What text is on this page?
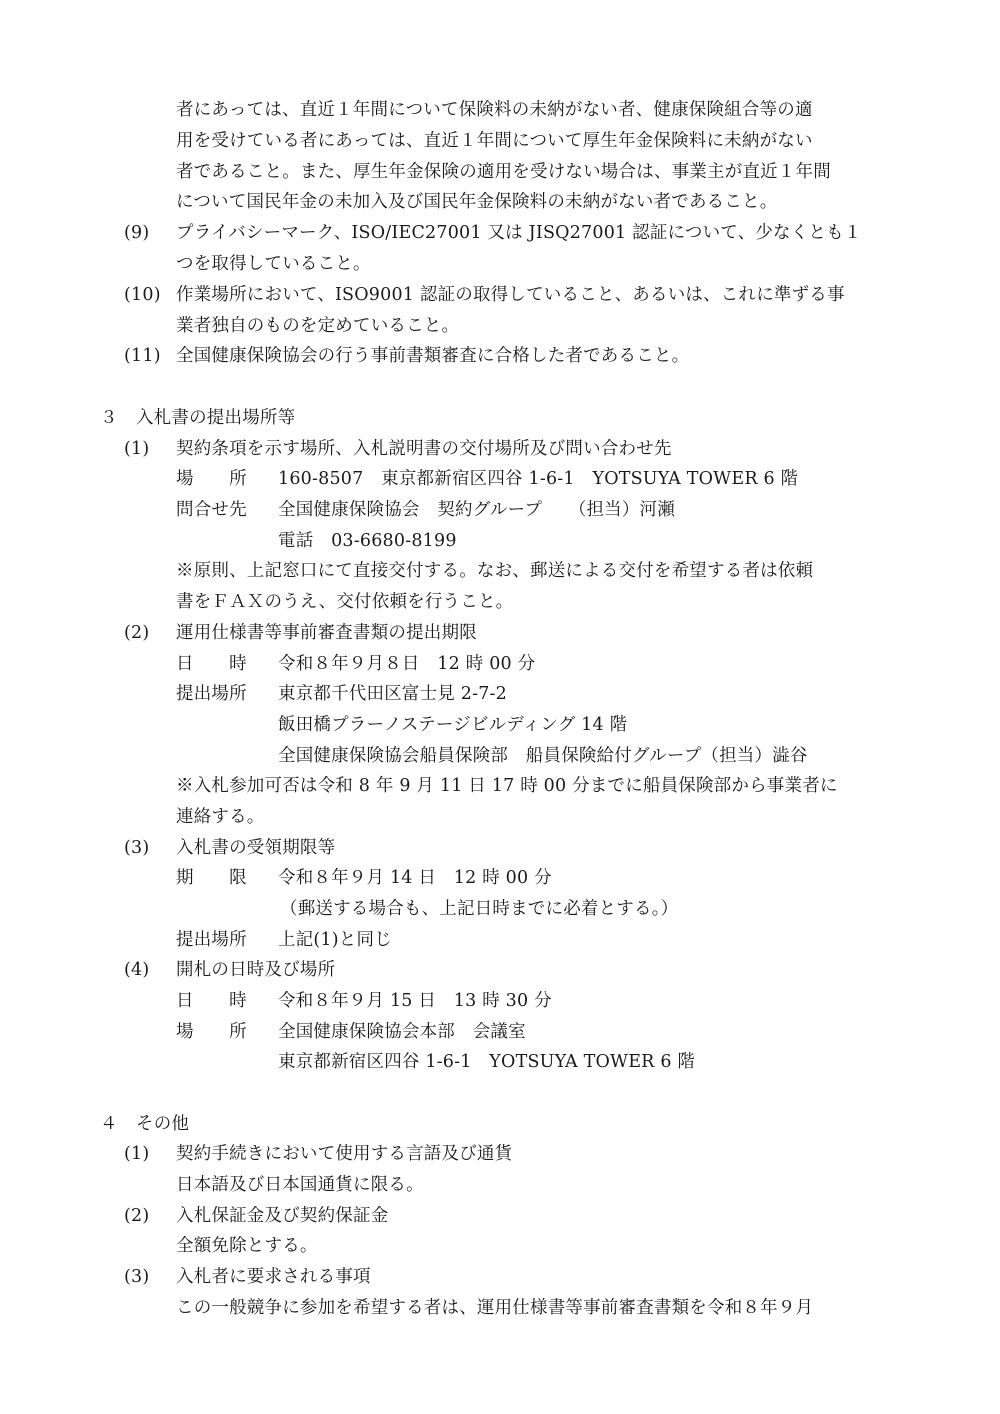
者にあっては、直近１年間について保険料の未納がない者、健康保険組合等の適
用を受けている者にあっては、直近１年間について厚生年金保険料に未納がない
者であること。また、厚生年金保険の適用を受けない場合は、事業主が直近１年間
について国民年金の未加入及び国民年金保険料の未納がない者であること。
(9) プライバシーマーク、ISO/IEC27001 又は JISQ27001 認証について、少なくとも１
つを取得していること。
(10) 作業場所において、ISO9001 認証の取得していること、あるいは、これに準ずる事
業者独自のものを定めていること。
(11) 全国健康保険協会の行う事前書類審査に合格した者であること。
３ 入札書の提出場所等
(1) 契約条項を示す場所、入札説明書の交付場所及び問い合わせ先
場　　所 160-8507　東京都新宿区四谷 1-6-1　YOTSUYA TOWER 6 階
問合せ先 全国健康保険協会　契約グループ　　（担当）河瀬
電話　03-6680-8199
※原則、上記窓口にて直接交付する。なお、郵送による交付を希望する者は依頼
書をＦＡＸのうえ、交付依頼を行うこと。
(2) 運用仕様書等事前審査書類の提出期限
日　　時 令和８年９月８日　12 時 00 分
提出場所 東京都千代田区富士見 2-7-2
飯田橋プラーノステージビルディング 14 階
全国健康保険協会船員保険部　船員保険給付グループ（担当）澁谷
※入札参加可否は令和 8 年 9 月 11 日 17 時 00 分までに船員保険部から事業者に
連絡する。
(3) 入札書の受領期限等
期　　限 令和８年９月 14 日　12 時 00 分
（郵送する場合も、上記日時までに必着とする。）
提出場所 上記(1)と同じ
(4) 開札の日時及び場所
日　　時 令和８年９月 15 日　13 時 30 分
場　　所 全国健康保険協会本部　会議室
東京都新宿区四谷 1-6-1　YOTSUYA TOWER 6 階
４ その他
(1) 契約手続きにおいて使用する言語及び通貨
日本語及び日本国通貨に限る。
(2) 入札保証金及び契約保証金
全額免除とする。
(3) 入札者に要求される事項
この一般競争に参加を希望する者は、運用仕様書等事前審査書類を令和８年９月
